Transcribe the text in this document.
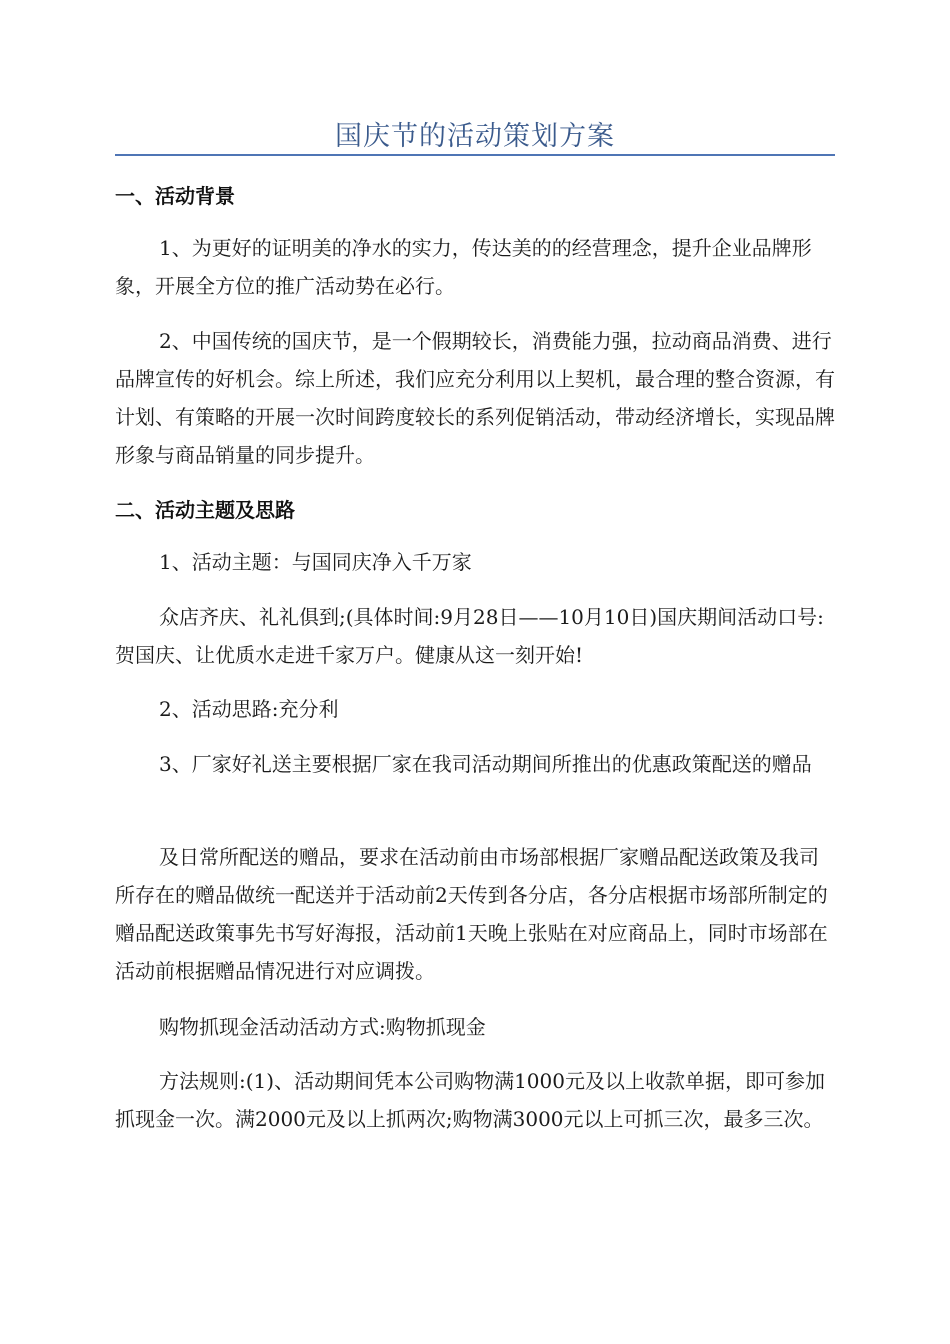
国庆节的活动策划方案
一、活动背景
1、为更好的证明美的净水的实力，传达美的的经营理念，提升企业品牌形象，开展全方位的推广活动势在必行。
2、中国传统的国庆节，是一个假期较长，消费能力强，拉动商品消费、进行品牌宣传的好机会。综上所述，我们应充分利用以上契机，最合理的整合资源，有计划、有策略的开展一次时间跨度较长的系列促销活动，带动经济增长，实现品牌形象与商品销量的同步提升。
二、活动主题及思路
1、活动主题：与国同庆净入千万家
众店齐庆、礼礼俱到;(具体时间:9月28日——10月10日)国庆期间活动口号:贺国庆、让优质水走进千家万户。健康从这一刻开始!
2、活动思路:充分利
3、厂家好礼送主要根据厂家在我司活动期间所推出的优惠政策配送的赠品
及日常所配送的赠品，要求在活动前由市场部根据厂家赠品配送政策及我司所存在的赠品做统一配送并于活动前2天传到各分店，各分店根据市场部所制定的赠品配送政策事先书写好海报，活动前1天晚上张贴在对应商品上，同时市场部在活动前根据赠品情况进行对应调拨。
购物抓现金活动活动方式:购物抓现金
方法规则:(1)、活动期间凭本公司购物满1000元及以上收款单据，即可参加抓现金一次。满2000元及以上抓两次;购物满3000元以上可抓三次，最多三次。
